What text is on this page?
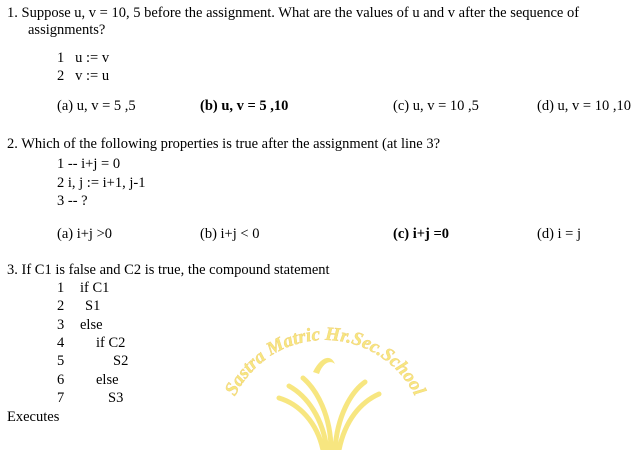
1. Suppose u, v = 10, 5 before the assignment. What are the values of u and v after the sequence of
assignments?
1   u := v
2   v := u
(a) u, v = 5 ,5	(b) u, v = 5 ,10	(c) u, v = 10 ,5	(d) u, v = 10 ,10
2. Which of the following properties is true after the assignment (at line 3?
1 -- i+j = 0
2 i, j := i+1, j-1
3 -- ?
(a) i+j >0	(b) i+j < 0	(c) i+j =0	(d) i = j
3. If C1 is false and C2 is true, the compound statement
1 if C1
2 S1
3 else
4 if C2
5	S2
6 else
7	S3
Executes
Sastra Matric Hr.Sec.School
